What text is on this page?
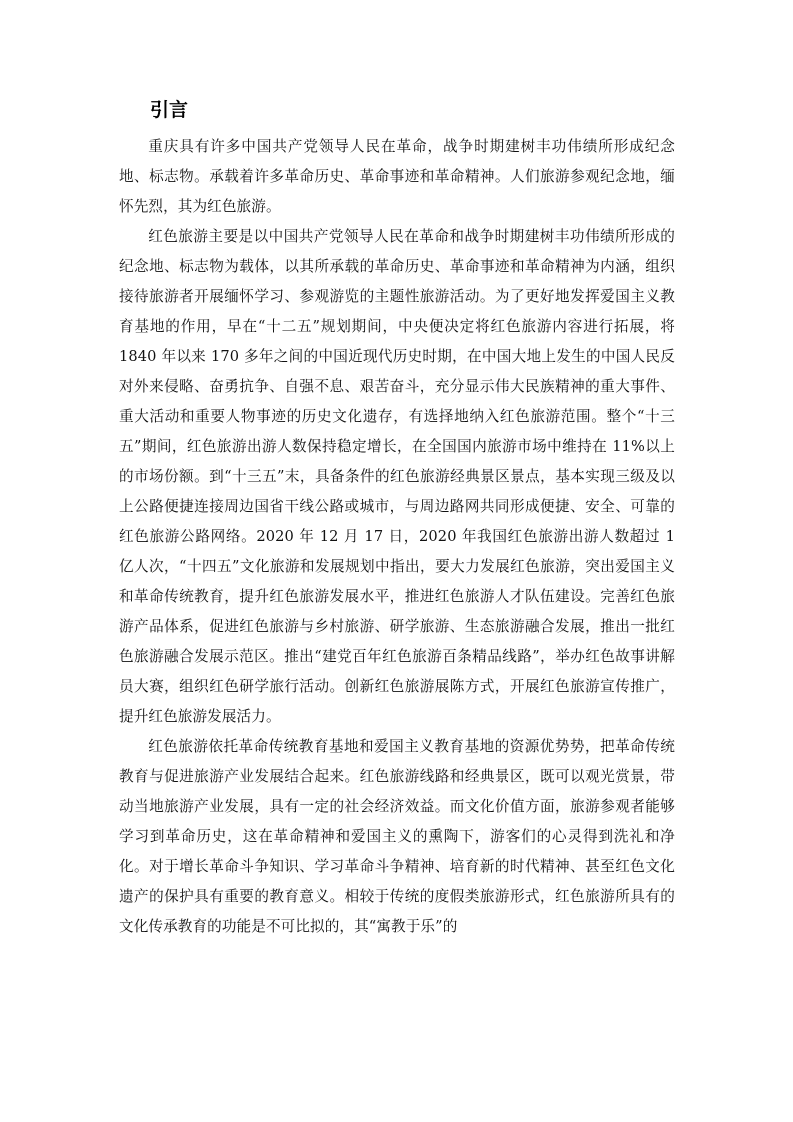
引言

重庆具有许多中国共产党领导人民在革命，战争时期建树丰功伟绩所形成纪念地、标志物。承载着许多革命历史、革命事迹和革命精神。人们旅游参观纪念地，缅怀先烈，其为红色旅游。

红色旅游主要是以中国共产党领导人民在革命和战争时期建树丰功伟绩所形成的纪念地、标志物为载体，以其所承载的革命历史、革命事迹和革命精神为内涵，组织接待旅游者开展缅怀学习、参观游览的主题性旅游活动。为了更好地发挥爱国主义教育基地的作用，早在“十二五”规划期间，中央便决定将红色旅游内容进行拓展，将 1840 年以来 170 多年之间的中国近现代历史时期，在中国大地上发生的中国人民反对外来侵略、奋勇抗争、自强不息、艰苦奋斗，充分显示伟大民族精神的重大事件、重大活动和重要人物事迹的历史文化遗存，有选择地纳入红色旅游范围。整个“十三五”期间，红色旅游出游人数保持稳定增长，在全国国内旅游市场中维持在 11%以上的市场份额。到“十三五”末，具备条件的红色旅游经典景区景点，基本实现三级及以上公路便捷连接周边国省干线公路或城市，与周边路网共同形成便捷、安全、可靠的红色旅游公路网络。2020 年 12 月 17 日，2020 年我国红色旅游出游人数超过 1 亿人次，“十四五”文化旅游和发展规划中指出，要大力发展红色旅游，突出爱国主义和革命传统教育，提升红色旅游发展水平，推进红色旅游人才队伍建设。完善红色旅游产品体系，促进红色旅游与乡村旅游、研学旅游、生态旅游融合发展，推出一批红色旅游融合发展示范区。推出“建党百年红色旅游百条精品线路”，举办红色故事讲解员大赛，组织红色研学旅行活动。创新红色旅游展陈方式，开展红色旅游宣传推广，提升红色旅游发展活力。

红色旅游依托革命传统教育基地和爱国主义教育基地的资源优势势，把革命传统教育与促进旅游产业发展结合起来。红色旅游线路和经典景区，既可以观光赏景，带动当地旅游产业发展，具有一定的社会经济效益。而文化价值方面，旅游参观者能够学习到革命历史，这在革命精神和爱国主义的熏陶下，游客们的心灵得到洗礼和净化。对于增长革命斗争知识、学习革命斗争精神、培育新的时代精神、甚至红色文化遗产的保护具有重要的教育意义。相较于传统的度假类旅游形式，红色旅游所具有的文化传承教育的功能是不可比拟的，其“寓教于乐”的
